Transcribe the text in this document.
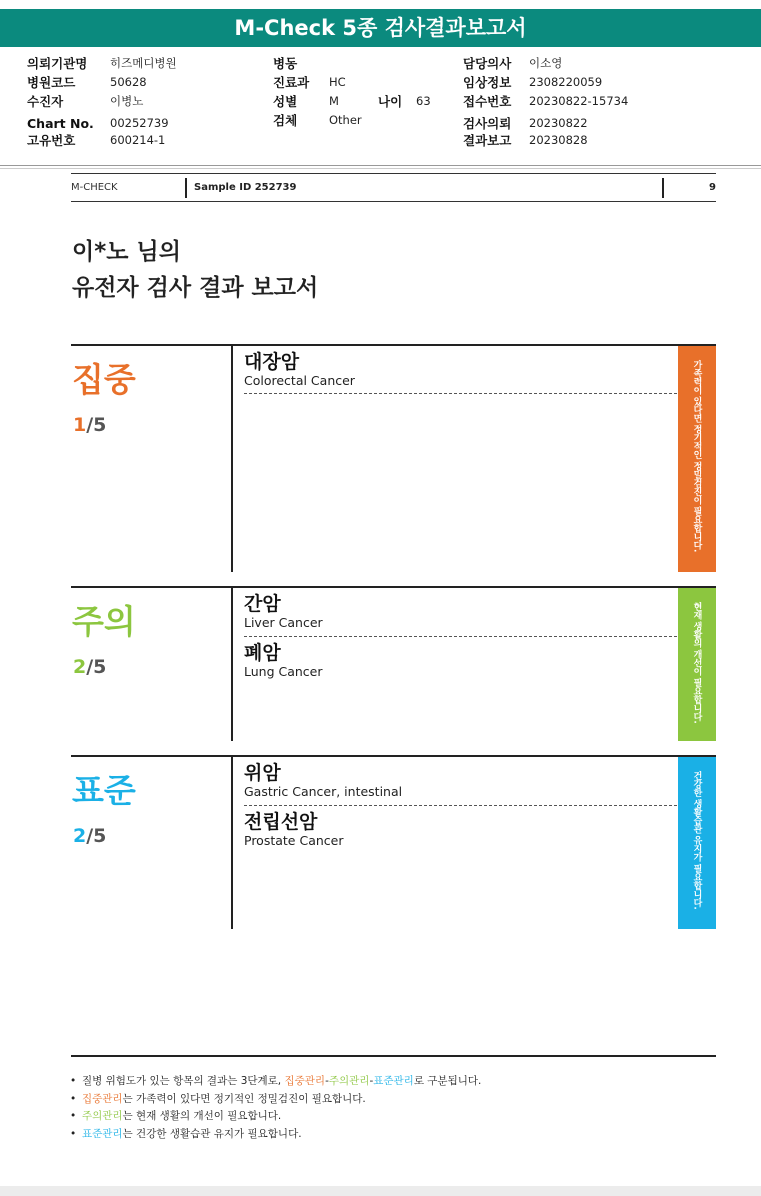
M-Check 5종 검사결과보고서
의뢰기관명 히즈메디병원
병원코드	50628
수진자	이병노
Chart No. 00252739
고유번호	600214-1
병동
진료과 HC
성별	M
검체	Other
나이 63
담당의사 이소영
임상정보 2308220059
접수번호 20230822-15734
검사의뢰 20230822
결과보고 20230828
M-CHECK	Sample ID 252739	9
이*노 님의
유전자 검사 결과 보고서
집중
1/5
대장암
Colorectal Cancer	가족력이 있다면 정기적인 정밀검진이 필요합니다.
주의
2/5
간암
Liver Cancer
폐암
Lung Cancer	현재 생활의 개선이 필요합니다.
표준
2/5
위암
Gastric Cancer, intestinal
전립선암
Prostate Cancer	건강한 생활습관 유지가 필요합니다.
• 질병 위험도가 있는 항목의 결과는 3단계로, 집중관리-주의관리-표준관리로 구분됩니다.
• 집중관리는 가족력이 있다면 정기적인 정밀검진이 필요합니다.
• 주의관리는 현재 생활의 개선이 필요합니다.
• 표준관리는 건강한 생활습관 유지가 필요합니다.
